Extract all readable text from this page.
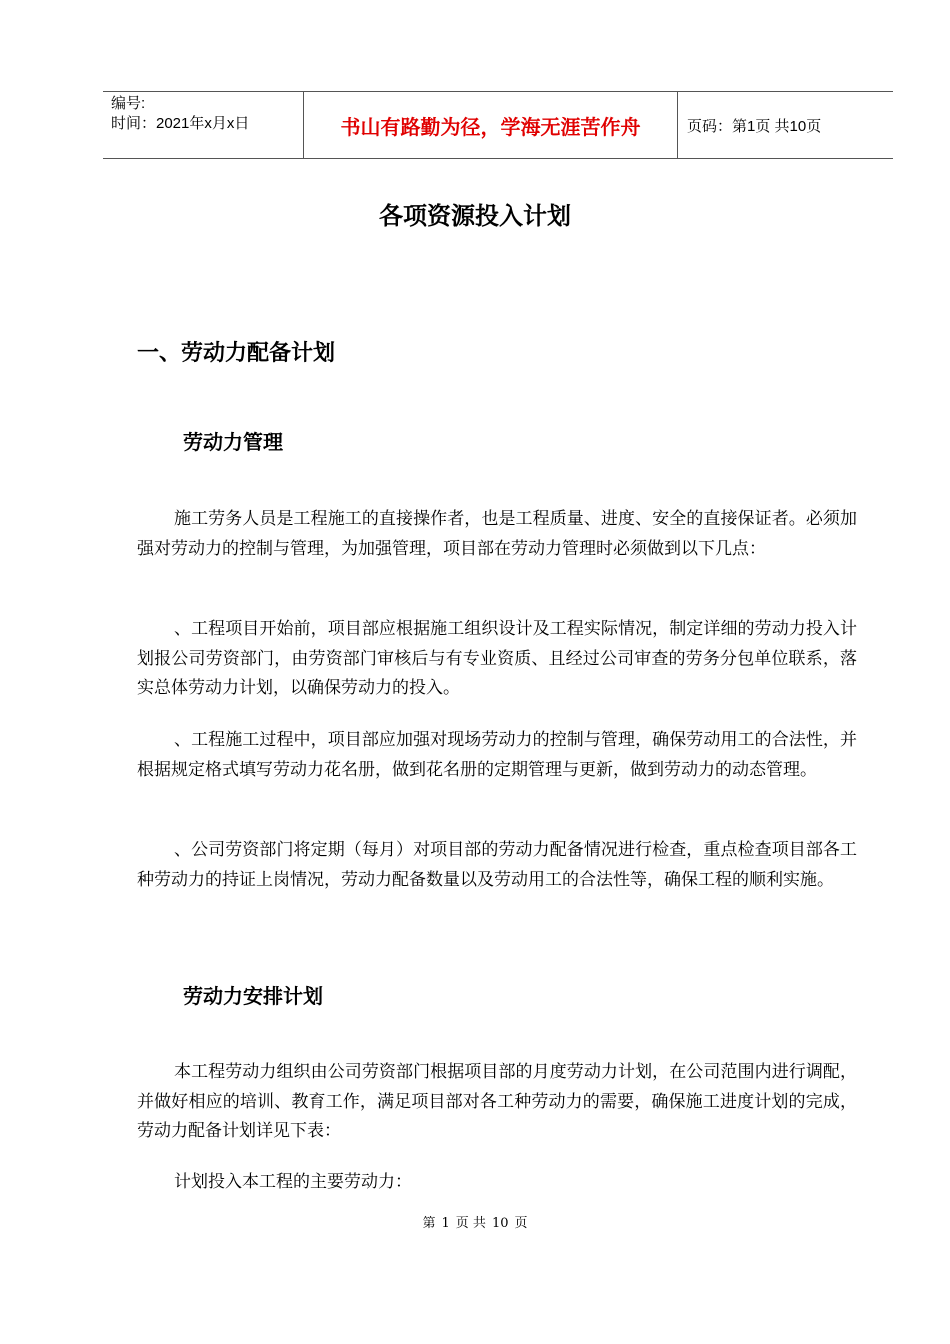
编号:
时间：2021年x月x日	书山有路勤为径，学海无涯苦作舟	页码：第1页 共10页
各项资源投入计划
一、劳动力配备计划
劳动力管理

施工劳务人员是工程施工的直接操作者，也是工程质量、进度、安全的直接保证者。必须加强对劳动力的控制与管理，为加强管理，项目部在劳动力管理时必须做到以下几点：

、工程项目开始前，项目部应根据施工组织设计及工程实际情况，制定详细的劳动力投入计划报公司劳资部门，由劳资部门审核后与有专业资质、且经过公司审查的劳务分包单位联系，落实总体劳动力计划，以确保劳动力的投入。

、工程施工过程中，项目部应加强对现场劳动力的控制与管理，确保劳动用工的合法性，并根据规定格式填写劳动力花名册，做到花名册的定期管理与更新，做到劳动力的动态管理。

、公司劳资部门将定期（每月）对项目部的劳动力配备情况进行检查，重点检查项目部各工种劳动力的持证上岗情况，劳动力配备数量以及劳动用工的合法性等，确保工程的顺利实施。

劳动力安排计划

本工程劳动力组织由公司劳资部门根据项目部的月度劳动力计划，在公司范围内进行调配，并做好相应的培训、教育工作，满足项目部对各工种劳动力的需要，确保施工进度计划的完成，劳动力配备计划详见下表：

计划投入本工程的主要劳动力：

第 1 页 共 10 页
